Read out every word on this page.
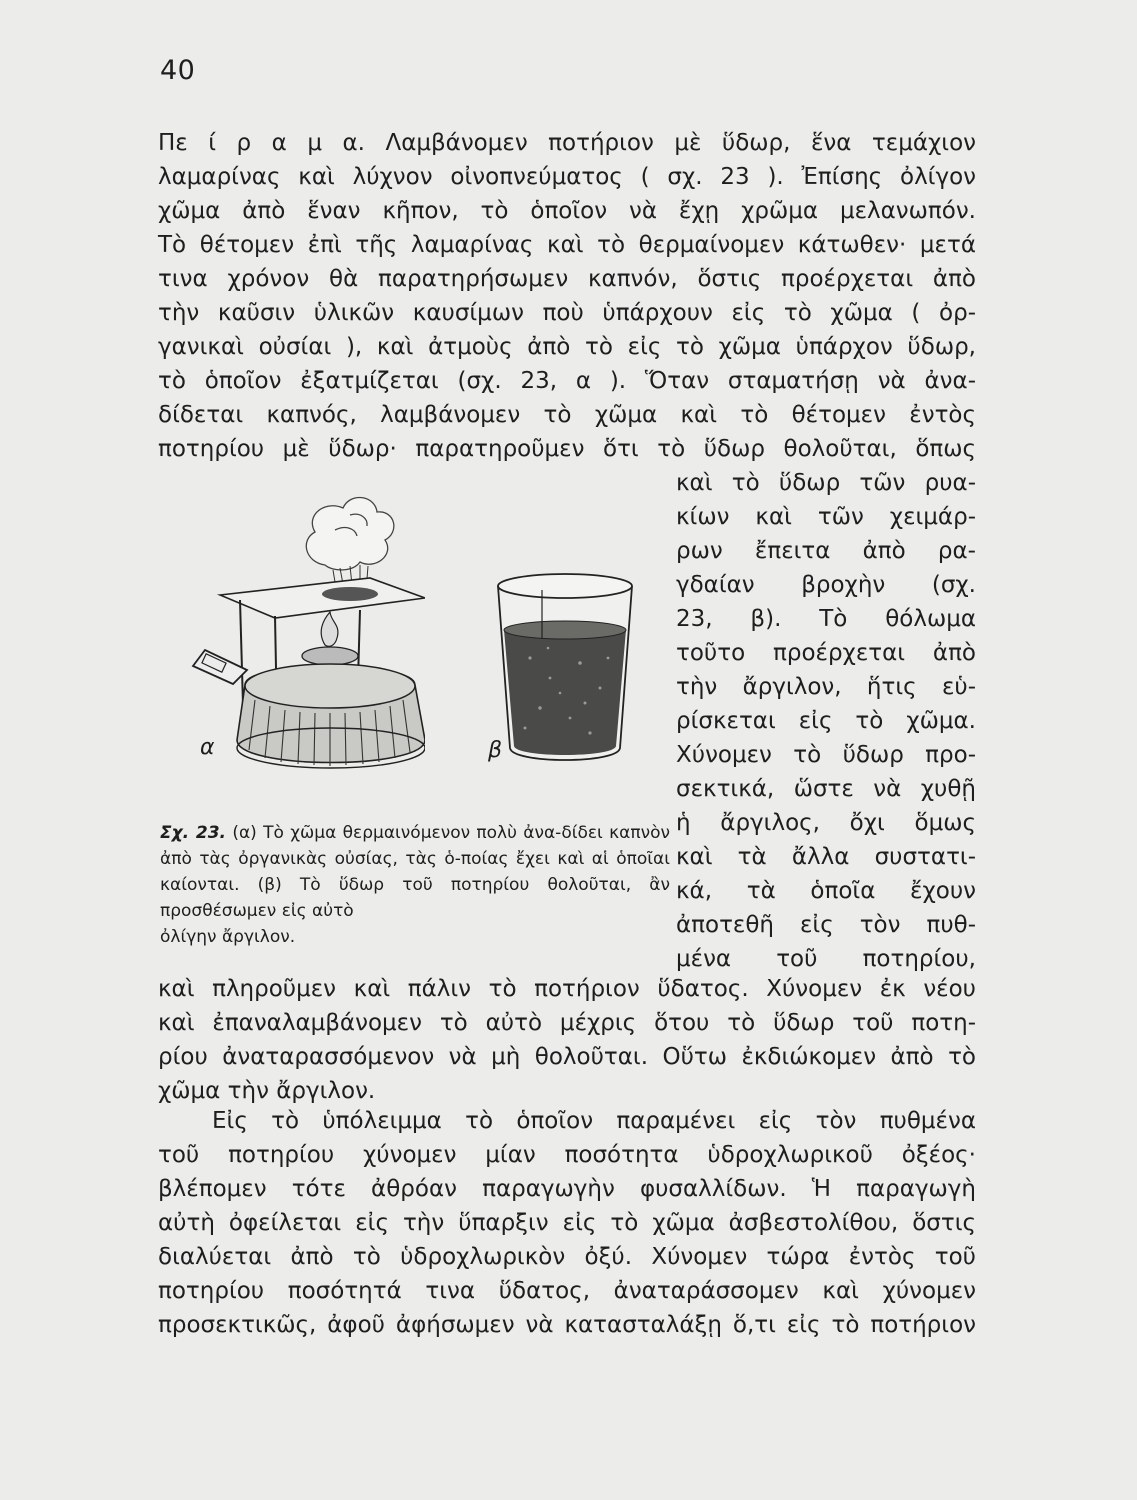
40
Πε ί ρ α μ α. Λαμβάνομεν ποτήριον μὲ ὕδωρ, ἕνα τεμάχιον
λαμαρίνας καὶ λύχνον οἰνοπνεύματος ( σχ. 23 ). Ἐπίσης ὀλίγον
χῶμα ἀπὸ ἕναν κῆπον, τὸ ὁποῖον νὰ ἔχῃ χρῶμα μελανωπόν.
Τὸ θέτομεν ἐπὶ τῆς λαμαρίνας καὶ τὸ θερμαίνομεν κάτωθεν· μετά
τινα χρόνον θὰ παρατηρήσωμεν καπνόν, ὅστις προέρχεται ἀπὸ
τὴν καῦσιν ὑλικῶν καυσίμων ποὺ ὑπάρχουν εἰς τὸ χῶμα ( ὀρ-
γανικαὶ οὐσίαι ), καὶ ἀτμοὺς ἀπὸ τὸ εἰς τὸ χῶμα ὑπάρχον ὕδωρ,
τὸ ὁποῖον ἐξατμίζεται (σχ. 23, α ). Ὅταν σταματήσῃ νὰ ἀνα-
δίδεται καπνός, λαμβάνομεν τὸ χῶμα καὶ τὸ θέτομεν ἐντὸς
ποτηρίου μὲ ὕδωρ· παρατηροῦμεν ὅτι τὸ ὕδωρ θολοῦται, ὅπως
καὶ τὸ ὕδωρ τῶν ρυα-
κίων καὶ τῶν χειμάρ-
ρων ἔπειτα ἀπὸ ρα-
γδαίαν βροχὴν (σχ.
23, β). Τὸ θόλωμα
τοῦτο προέρχεται ἀπὸ
τὴν ἄργιλον, ἥτις εὑ-
ρίσκεται εἰς τὸ χῶμα.
Χύνομεν τὸ ὕδωρ προ-
σεκτικά, ὥστε νὰ χυθῇ
ἡ ἄργιλος, ὄχι ὅμως
καὶ τὰ ἄλλα συστατι-
κά, τὰ ὁποῖα ἔχουν
ἀποτεθῆ εἰς τὸν πυθ-
μένα τοῦ ποτηρίου,
α	β
Σχ. 23. (α) Τὸ χῶμα θερμαινόμενον πολὺ ἀνα-δίδει καπνὸν ἀπὸ τὰς ὀργανικὰς οὐσίας, τὰς ὁ-ποίας ἔχει καὶ αἱ ὁποῖαι καίονται. (β) Τὸ ὕδωρ τοῦ ποτηρίου θολοῦται, ἂν προσθέσωμεν εἰς αὐτὸ
ὀλίγην ἄργιλον.
καὶ πληροῦμεν καὶ πάλιν τὸ ποτήριον ὕδατος. Χύνομεν ἐκ νέου
καὶ ἐπαναλαμβάνομεν τὸ αὐτὸ μέχρις ὅτου τὸ ὕδωρ τοῦ ποτη-
ρίου ἀναταρασσόμενον νὰ μὴ θολοῦται. Οὕτω ἐκδιώκομεν ἀπὸ τὸ
χῶμα τὴν ἄργιλον.
Εἰς τὸ ὑπόλειμμα τὸ ὁποῖον παραμένει εἰς τὸν πυθμένα
τοῦ ποτηρίου χύνομεν μίαν ποσότητα ὑδροχλωρικοῦ ὀξέος·
βλέπομεν τότε ἀθρόαν παραγωγὴν φυσαλλίδων. Ἡ παραγωγὴ
αὐτὴ ὀφείλεται εἰς τὴν ὕπαρξιν εἰς τὸ χῶμα ἀσβεστολίθου, ὅστις
διαλύεται ἀπὸ τὸ ὑδροχλωρικὸν ὀξύ. Χύνομεν τώρα ἐντὸς τοῦ
ποτηρίου ποσότητά τινα ὕδατος, ἀναταράσσομεν καὶ χύνομεν
προσεκτικῶς, ἀφοῦ ἀφήσωμεν νὰ κατασταλάξῃ ὅ,τι εἰς τὸ ποτήριον
